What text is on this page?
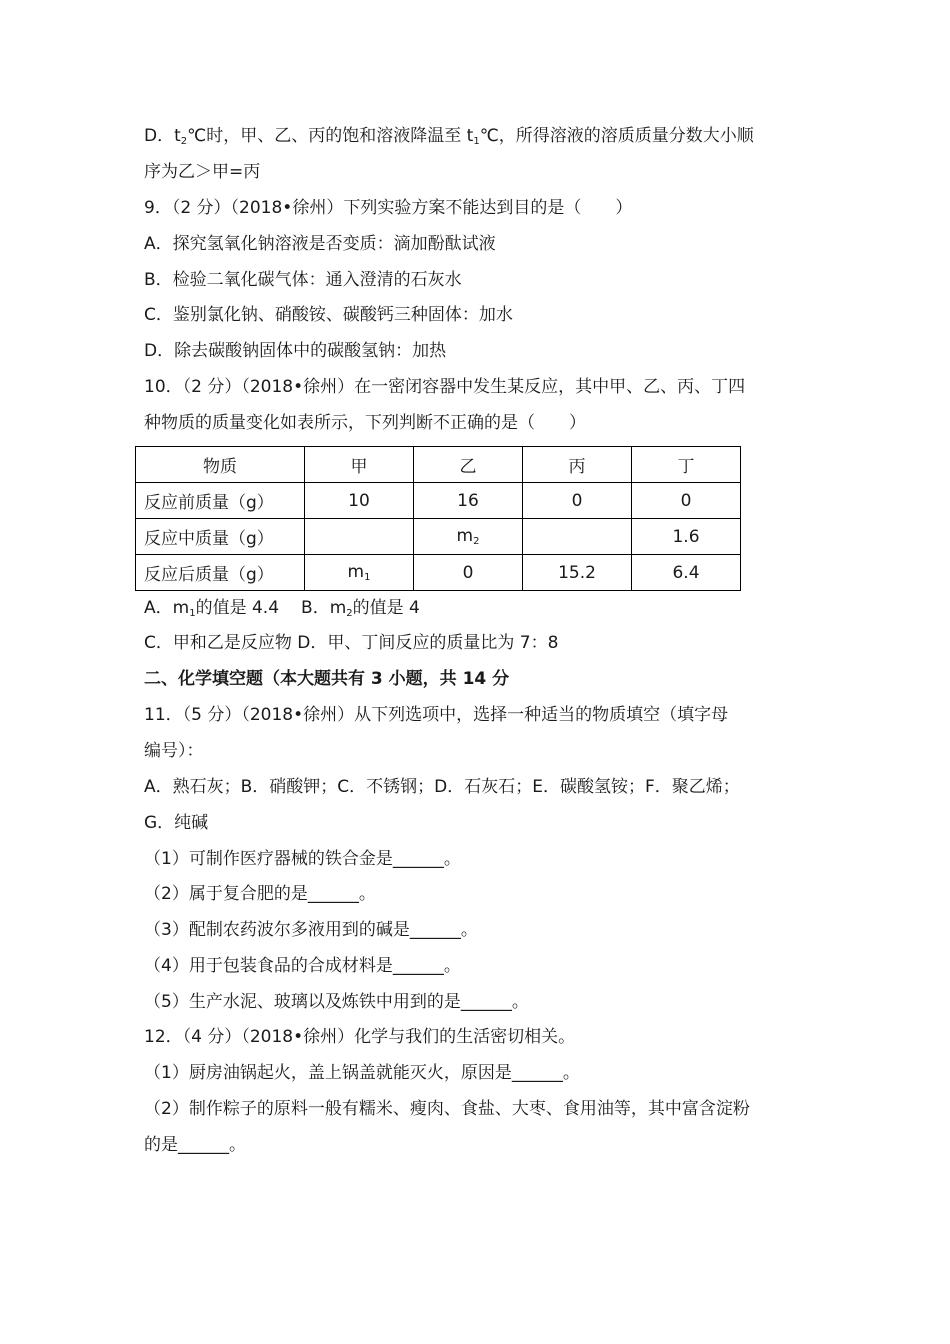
D．$t_2℃$时，甲、乙、丙的饱和溶液降温至 $t_1℃$，所得溶液的溶质质量分数大小顺
序为乙＞甲=丙
9．（2 分）（2018•徐州）下列实验方案不能达到目的是（　　）
A．探究氢氧化钠溶液是否变质：滴加酚酞试液
B．检验二氧化碳气体：通入澄清的石灰水
C．鉴别氯化钠、硝酸铵、碳酸钙三种固体：加水
D．除去碳酸钠固体中的碳酸氢钠：加热
10．（2 分）（2018•徐州）在一密闭容器中发生某反应，其中甲、乙、丙、丁四
种物质的质量变化如表所示，下列判断不正确的是（　　）
物质	甲	乙	丙	丁
反应前质量（g）	10	16	0	0
反应中质量（g）		$m_2$		1.6
反应后质量（g）	$m_1$	0	15.2	6.4
A．$m_1$的值是 4.4 B．$m_2$的值是 4
C．甲和乙是反应物 D．甲、丁间反应的质量比为 7：8
二、化学填空题（本大题共有 3 小题，共 14 分
11．（5 分）（2018•徐州）从下列选项中，选择一种适当的物质填空（填字母
编号）：
A．熟石灰；B．硝酸钾；C．不锈钢；D．石灰石；E．碳酸氢铵；F．聚乙烯；
G．纯碱
（1）可制作医疗器械的铁合金是______。
（2）属于复合肥的是______。
（3）配制农药波尔多液用到的碱是______。
（4）用于包装食品的合成材料是______。
（5）生产水泥、玻璃以及炼铁中用到的是______。
12．（4 分）（2018•徐州）化学与我们的生活密切相关。
（1）厨房油锅起火，盖上锅盖就能灭火，原因是______。
（2）制作粽子的原料一般有糯米、瘦肉、食盐、大枣、食用油等，其中富含淀粉
的是______。
